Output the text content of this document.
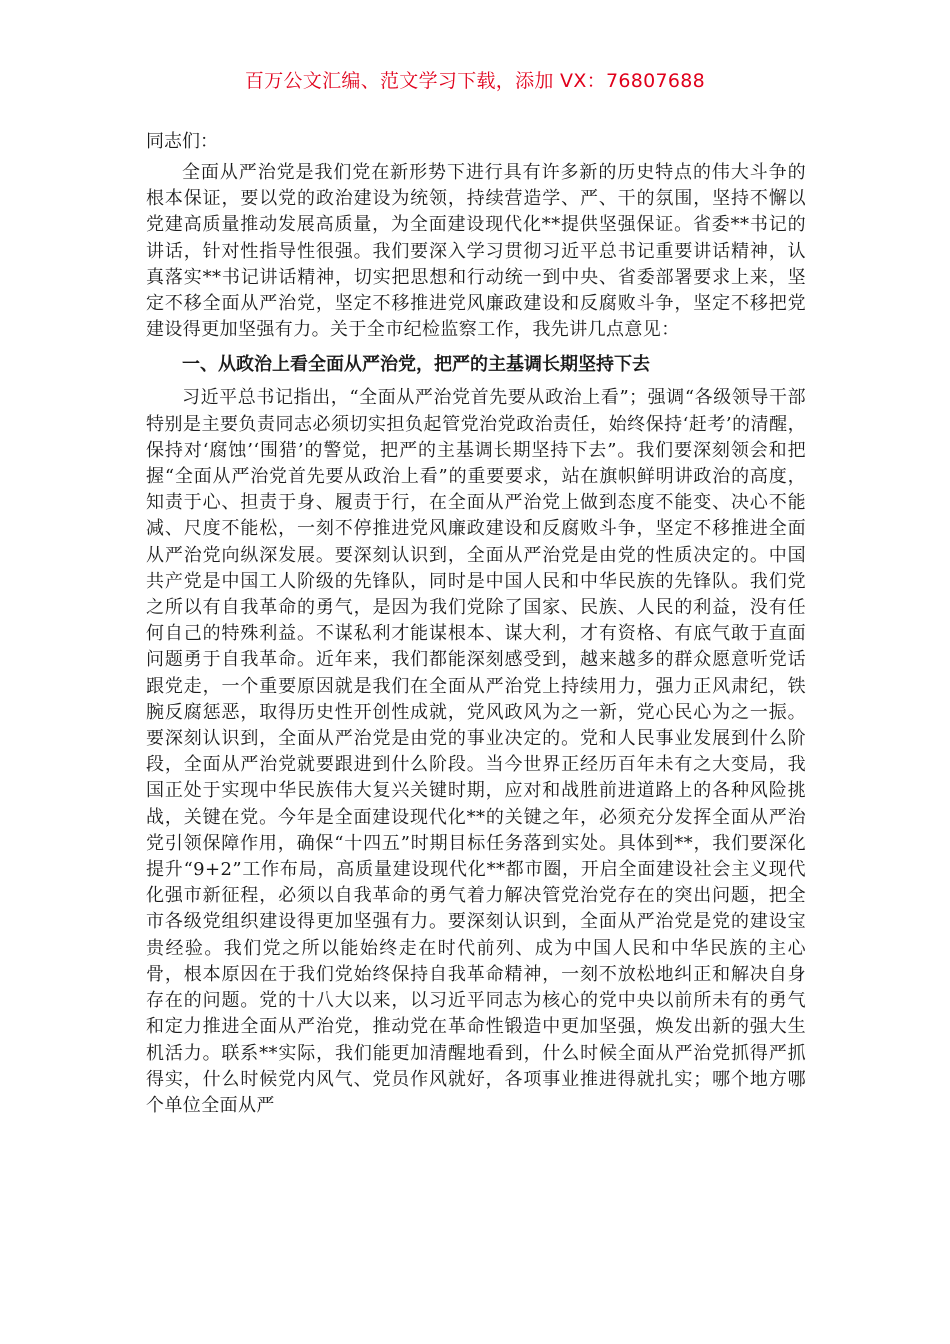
百万公文汇编、范文学习下载，添加 VX：76807688

同志们：

全面从严治党是我们党在新形势下进行具有许多新的历史特点的伟大斗争的根本保证，要以党的政治建设为统领，持续营造学、严、干的氛围，坚持不懈以党建高质量推动发展高质量，为全面建设现代化**提供坚强保证。省委**书记的讲话，针对性指导性很强。我们要深入学习贯彻习近平总书记重要讲话精神，认真落实**书记讲话精神，切实把思想和行动统一到中央、省委部署要求上来，坚定不移全面从严治党，坚定不移推进党风廉政建设和反腐败斗争，坚定不移把党建设得更加坚强有力。关于全市纪检监察工作，我先讲几点意见：

一、从政治上看全面从严治党，把严的主基调长期坚持下去

习近平总书记指出，“全面从严治党首先要从政治上看”；强调“各级领导干部特别是主要负责同志必须切实担负起管党治党政治责任，始终保持‘赶考’的清醒，保持对‘腐蚀’‘围猎’的警觉，把严的主基调长期坚持下去”。我们要深刻领会和把握“全面从严治党首先要从政治上看”的重要要求，站在旗帜鲜明讲政治的高度，知责于心、担责于身、履责于行，在全面从严治党上做到态度不能变、决心不能减、尺度不能松，一刻不停推进党风廉政建设和反腐败斗争，坚定不移推进全面从严治党向纵深发展。要深刻认识到，全面从严治党是由党的性质决定的。中国共产党是中国工人阶级的先锋队，同时是中国人民和中华民族的先锋队。我们党之所以有自我革命的勇气，是因为我们党除了国家、民族、人民的利益，没有任何自己的特殊利益。不谋私利才能谋根本、谋大利，才有资格、有底气敢于直面问题勇于自我革命。近年来，我们都能深刻感受到，越来越多的群众愿意听党话跟党走，一个重要原因就是我们在全面从严治党上持续用力，强力正风肃纪，铁腕反腐惩恶，取得历史性开创性成就，党风政风为之一新，党心民心为之一振。要深刻认识到，全面从严治党是由党的事业决定的。党和人民事业发展到什么阶段，全面从严治党就要跟进到什么阶段。当今世界正经历百年未有之大变局，我国正处于实现中华民族伟大复兴关键时期，应对和战胜前进道路上的各种风险挑战，关键在党。今年是全面建设现代化**的关键之年，必须充分发挥全面从严治党引领保障作用，确保“十四五”时期目标任务落到实处。具体到**，我们要深化提升“9+2”工作布局，高质量建设现代化**都市圈，开启全面建设社会主义现代化强市新征程，必须以自我革命的勇气着力解决管党治党存在的突出问题，把全市各级党组织建设得更加坚强有力。要深刻认识到，全面从严治党是党的建设宝贵经验。我们党之所以能始终走在时代前列、成为中国人民和中华民族的主心骨，根本原因在于我们党始终保持自我革命精神，一刻不放松地纠正和解决自身存在的问题。党的十八大以来，以习近平同志为核心的党中央以前所未有的勇气和定力推进全面从严治党，推动党在革命性锻造中更加坚强，焕发出新的强大生机活力。联系**实际，我们能更加清醒地看到，什么时候全面从严治党抓得严抓得实，什么时候党内风气、党员作风就好，各项事业推进得就扎实；哪个地方哪个单位全面从严
